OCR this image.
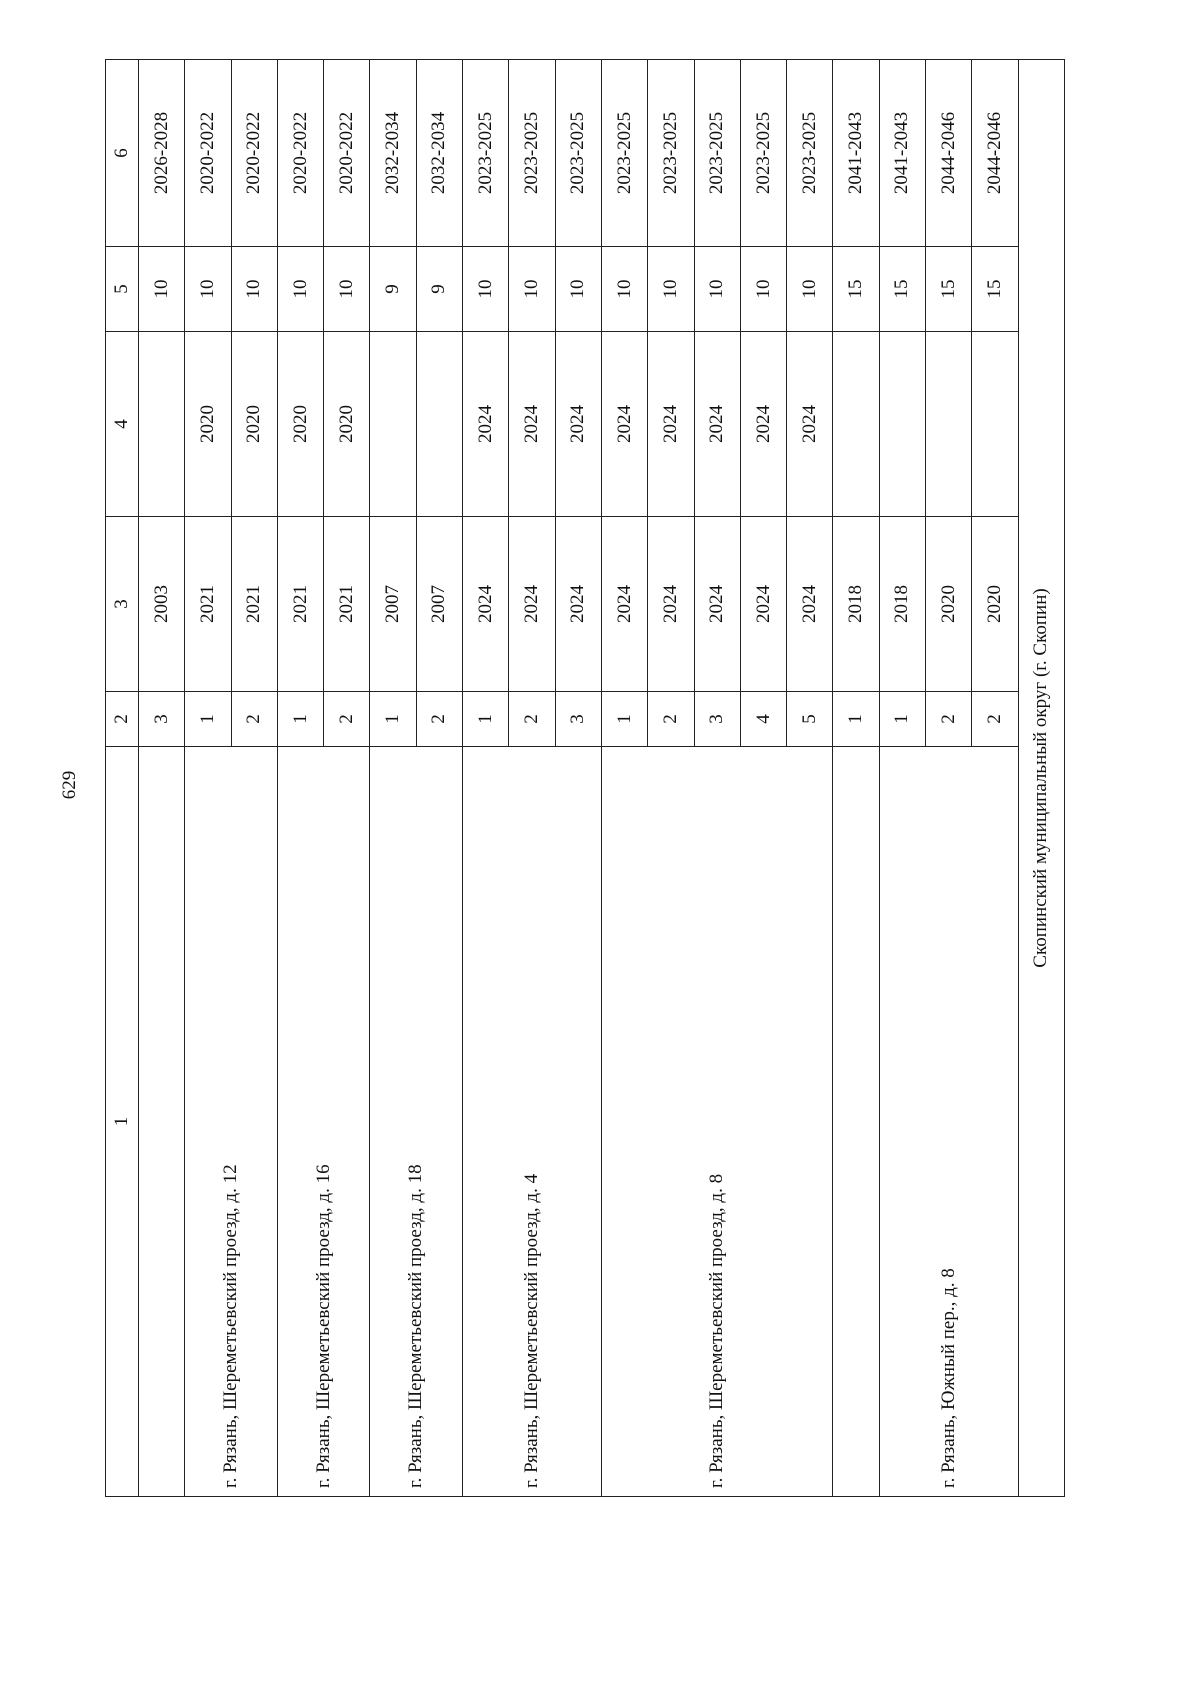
629
1	2	3	4	5	6
	3	2003		10	2026-2028
г. Рязань, Шереметьевский проезд, д. 12	1	2021	2020	10	2020-2022
	2	2021	2020	10	2020-2022
г. Рязань, Шереметьевский проезд, д. 16	1	2021	2020	10	2020-2022
	2	2021	2020	10	2020-2022
г. Рязань, Шереметьевский проезд, д. 18	1	2007		9	2032-2034
	2	2007		9	2032-2034
г. Рязань, Шереметьевский проезд, д. 4	1	2024	2024	10	2023-2025
	2	2024	2024	10	2023-2025
	3	2024	2024	10	2023-2025
г. Рязань, Шереметьевский проезд, д. 8	1	2024	2024	10	2023-2025
	2	2024	2024	10	2023-2025
	3	2024	2024	10	2023-2025
	4	2024	2024	10	2023-2025
	5	2024	2024	10	2023-2025
	1	2018		15	2041-2043
г. Рязань, Южный пер., д. 8	1	2018		15	2041-2043
	2	2020		15	2044-2046
	2	2020		15	2044-2046
Скопинский муниципальный округ (г. Скопин)					
